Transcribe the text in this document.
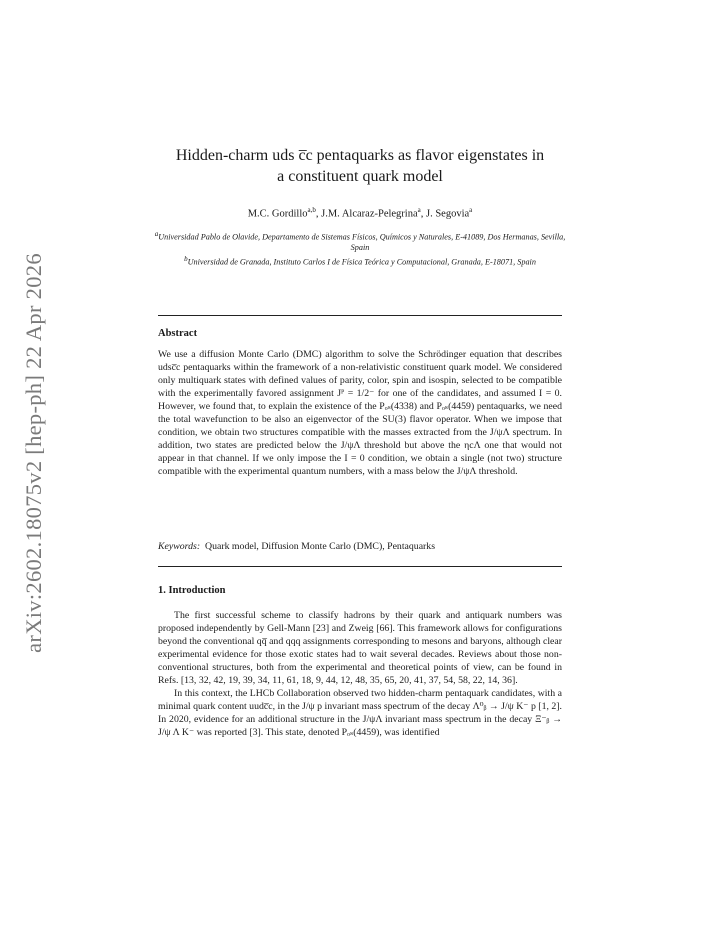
arXiv:2602.18075v2 [hep-ph] 22 Apr 2026
Hidden-charm uds c̅c pentaquarks as flavor eigenstates in
a constituent quark model
M.C. Gordillo$^{a,b}$, J.M. Alcaraz-Pelegrina$^a$, J. Segovia$^a$
$^a$Universidad Pablo de Olavide, Departamento de Sistemas Físicos, Químicos y Naturales, E-41089, Dos Hermanas, Sevilla, Spain
$^b$Universidad de Granada, Instituto Carlos I de Física Teórica y Computacional, Granada, E-18071, Spain
Abstract
We use a diffusion Monte Carlo (DMC) algorithm to solve the Schrödinger equation that describes udsc̅c pentaquarks within the framework of a non-relativistic constituent quark model. We considered only multiquark states with defined values of parity, color, spin and isospin, selected to be compatible with the experimentally favored assignment Jᴾ = 1/2⁻ for one of the candidates, and assumed I = 0. However, we found that, to explain the existence of the Pₒₛ(4338) and Pₒₛ(4459) pentaquarks, we need the total wavefunction to be also an eigenvector of the SU(3) flavor operator. When we impose that condition, we obtain two structures compatible with the masses extracted from the J/ψΛ spectrum. In addition, two states are predicted below the J/ψΛ threshold but above the ηcΛ one that would not appear in that channel. If we only impose the I = 0 condition, we obtain a single (not two) structure compatible with the experimental quantum numbers, with a mass below the J/ψΛ threshold.
Keywords: Quark model, Diffusion Monte Carlo (DMC), Pentaquarks
1. Introduction

The first successful scheme to classify hadrons by their quark and antiquark numbers was proposed independently by Gell-Mann [23] and Zweig [66]. This framework allows for configurations beyond the conventional qq̅ and qqq assignments corresponding to mesons and baryons, although clear experimental evidence for those exotic states had to wait several decades. Reviews about those non-conventional structures, both from the experimental and theoretical points of view, can be found in Refs. [13, 32, 42, 19, 39, 34, 11, 61, 18, 9, 44, 12, 48, 35, 65, 20, 41, 37, 54, 58, 22, 14, 36].

In this context, the LHCb Collaboration observed two hidden-charm pentaquark candidates, with a minimal quark content uudc̅c, in the J/ψ p invariant mass spectrum of the decay Λ⁰ᵦ → J/ψ K⁻ p [1, 2]. In 2020, evidence for an additional structure in the J/ψΛ invariant mass spectrum in the decay Ξ⁻ᵦ → J/ψ Λ K⁻ was reported [3]. This state, denoted Pₒₛ(4459), was identified
